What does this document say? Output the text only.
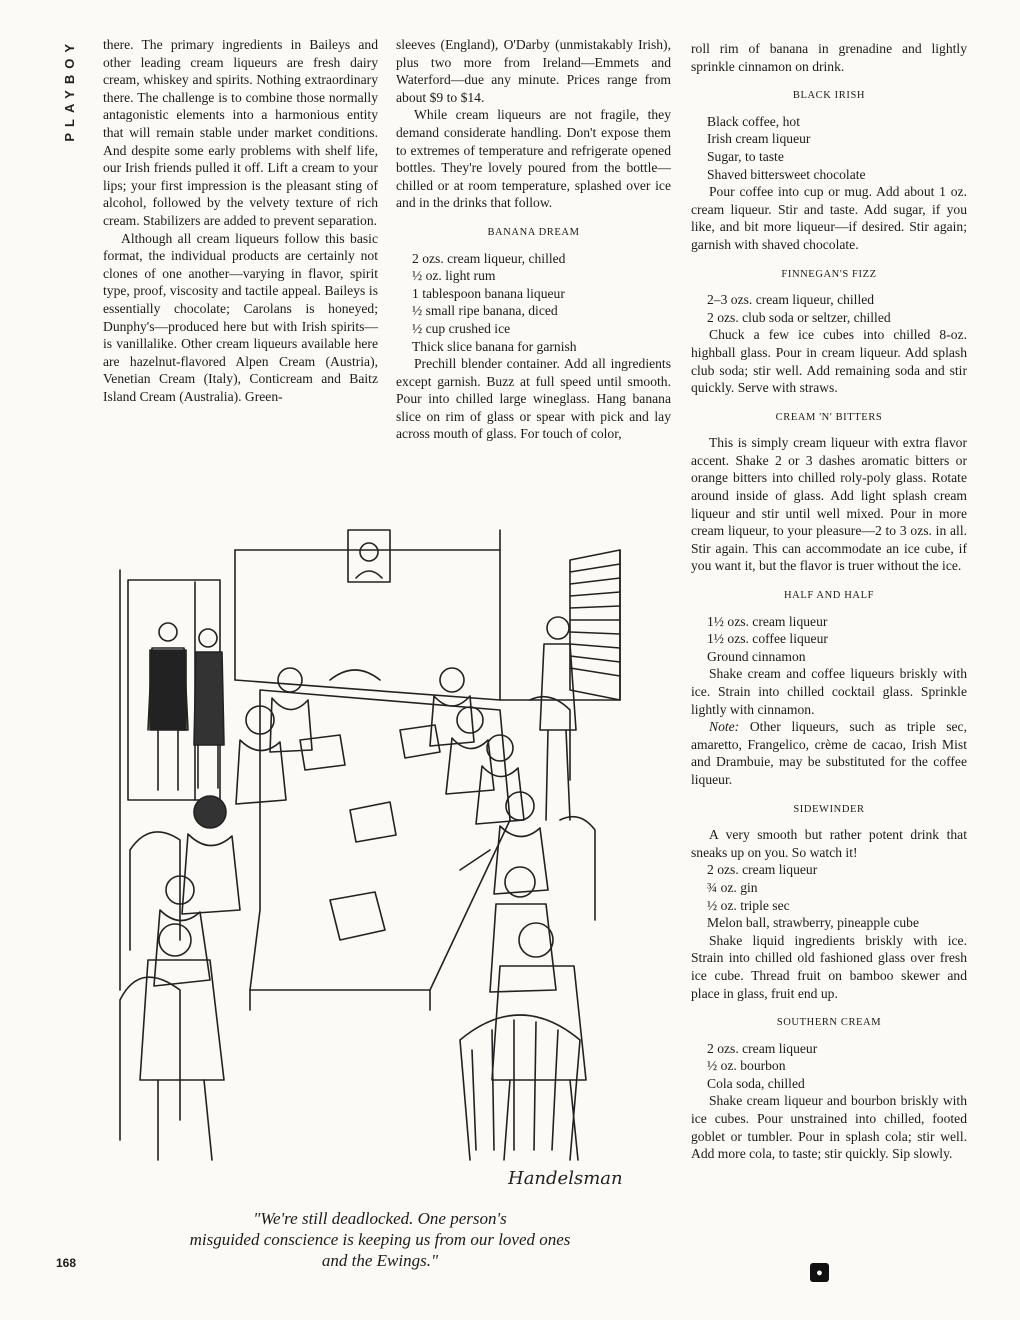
PLAYBOY there. The primary ingredients in Baileys and other leading cream liqueurs are fresh dairy cream, whiskey and spirits. Nothing extraordinary there. The challenge is to combine those normally antagonistic elements into a harmonious entity that will remain stable under market conditions. And despite some early problems with shelf life, our Irish friends pulled it off. Lift a cream to your lips; your first impression is the pleasant sting of alcohol, followed by the velvety texture of rich cream. Stabilizers are added to prevent separation.

Although all cream liqueurs follow this basic format, the individual products are certainly not clones of one another—varying in flavor, spirit type, proof, viscosity and tactile appeal. Baileys is essentially chocolate; Carolans is honeyed; Dunphy's—produced here but with Irish spirits—is vanillalike. Other cream liqueurs available here are hazelnut-flavored Alpen Cream (Austria), Venetian Cream (Italy), Conticream and Baitz Island Cream (Australia). Green-

sleeves (England), O'Darby (unmistakably Irish), plus two more from Ireland—Emmets and Waterford—due any minute. Prices range from about $9 to $14.

While cream liqueurs are not fragile, they demand considerate handling. Don't expose them to extremes of temperature and refrigerate opened bottles. They're lovely poured from the bottle—chilled or at room temperature, splashed over ice and in the drinks that follow.

BANANA DREAM

2 ozs. cream liqueur, chilled

½ oz. light rum

1 tablespoon banana liqueur

½ small ripe banana, diced

½ cup crushed ice

Thick slice banana for garnish

Prechill blender container. Add all ingredients except garnish. Buzz at full speed until smooth. Pour into chilled large wineglass. Hang banana slice on rim of glass or spear with pick and lay across mouth of glass. For touch of color,

roll rim of banana in grenadine and lightly sprinkle cinnamon on drink.

BLACK IRISH

Black coffee, hot

Irish cream liqueur

Sugar, to taste

Shaved bittersweet chocolate

Pour coffee into cup or mug. Add about 1 oz. cream liqueur. Stir and taste. Add sugar, if you like, and bit more liqueur—if desired. Stir again; garnish with shaved chocolate.

FINNEGAN'S FIZZ

2–3 ozs. cream liqueur, chilled

2 ozs. club soda or seltzer, chilled

Chuck a few ice cubes into chilled 8-oz. highball glass. Pour in cream liqueur. Add splash club soda; stir well. Add remaining soda and stir quickly. Serve with straws.

CREAM 'N' BITTERS

This is simply cream liqueur with extra flavor accent. Shake 2 or 3 dashes aromatic bitters or orange bitters into chilled roly-poly glass. Rotate around inside of glass. Add light splash cream liqueur and stir until well mixed. Pour in more cream liqueur, to your pleasure—2 to 3 ozs. in all. Stir again. This can accommodate an ice cube, if you want it, but the flavor is truer without the ice.

HALF AND HALF

1½ ozs. cream liqueur

1½ ozs. coffee liqueur

Ground cinnamon

Shake cream and coffee liqueurs briskly with ice. Strain into chilled cocktail glass. Sprinkle lightly with cinnamon.

Note: Other liqueurs, such as triple sec, amaretto, Frangelico, crème de cacao, Irish Mist and Drambuie, may be substituted for the coffee liqueur.

SIDEWINDER

A very smooth but rather potent drink that sneaks up on you. So watch it!

2 ozs. cream liqueur

¾ oz. gin

½ oz. triple sec

Melon ball, strawberry, pineapple cube

Shake liquid ingredients briskly with ice. Strain into chilled old fashioned glass over fresh ice cube. Thread fruit on bamboo skewer and place in glass, fruit end up.

SOUTHERN CREAM

2 ozs. cream liqueur

½ oz. bourbon

Cola soda, chilled

Shake cream liqueur and bourbon briskly with ice cubes. Pour unstrained into chilled, footed goblet or tumbler. Pour in splash cola; stir well. Add more cola, to taste; stir quickly. Sip slowly.

Handelsman
"We're still deadlocked. One person's
misguided conscience is keeping us from our loved ones
and the Ewings."
168
●
